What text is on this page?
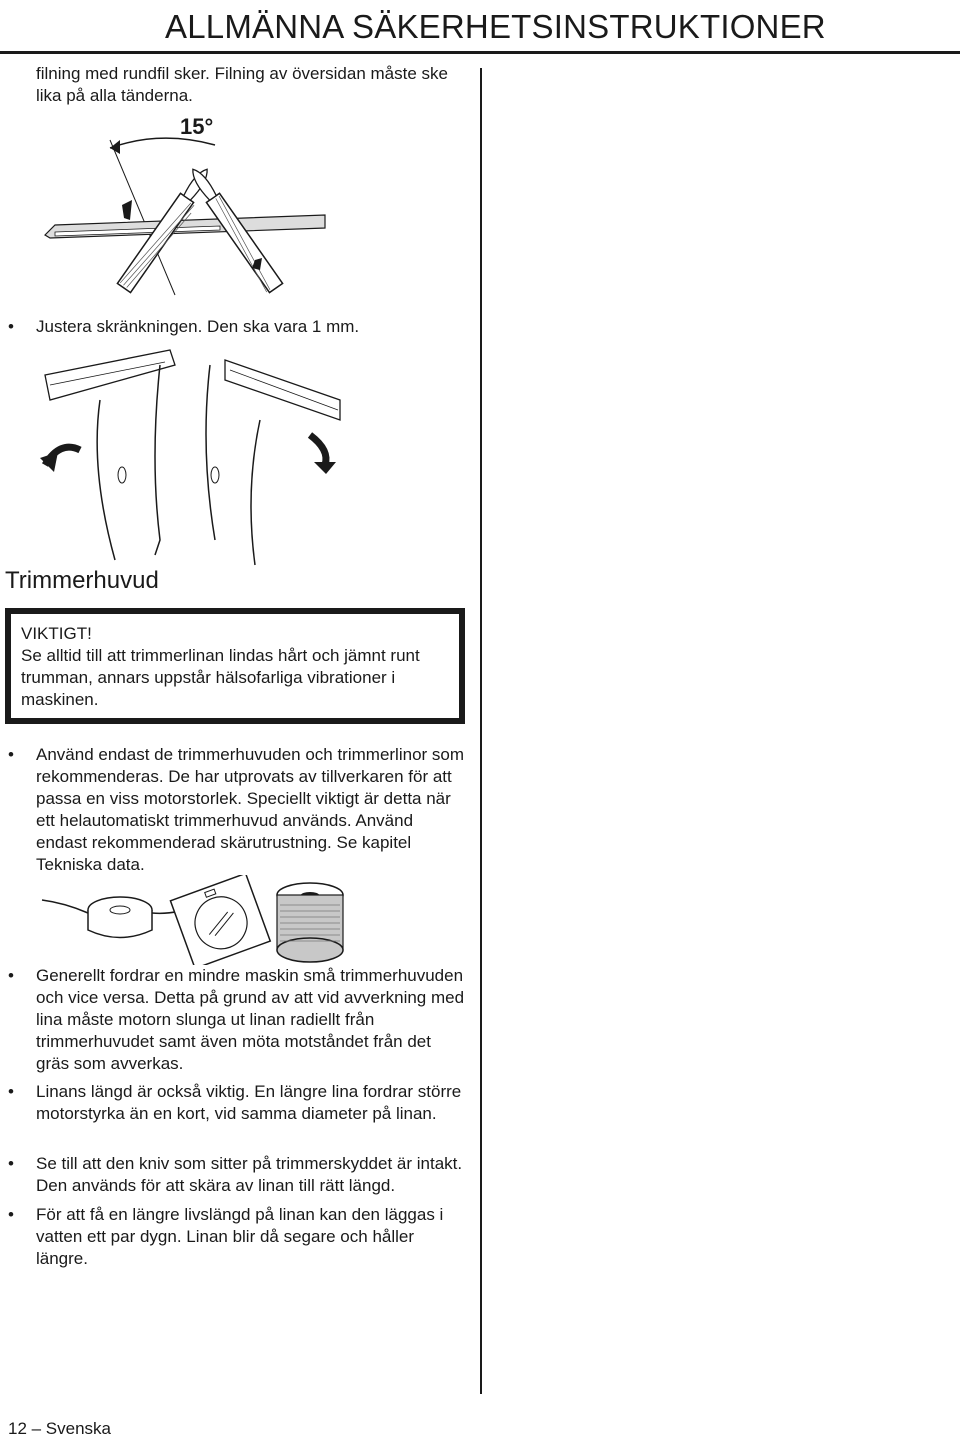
ALLMÄNNA SÄKERHETSINSTRUKTIONER
filning med rundfil sker. Filning av översidan måste ske lika på alla tänderna.
15°
• Justera skränkningen. Den ska vara 1 mm.
Trimmerhuvud
VIKTIGT!
Se alltid till att trimmerlinan lindas hårt och jämnt runt trumman, annars uppstår hälsofarliga vibrationer i maskinen.
• Använd endast de trimmerhuvuden och trimmerlinor som rekommenderas. De har utprovats av tillverkaren för att passa en viss motorstorlek. Speciellt viktigt är detta när ett helautomatiskt trimmerhuvud används. Använd endast rekommenderad skärutrustning. Se kapitel Tekniska data.
• Generellt fordrar en mindre maskin små trimmerhuvuden och vice versa. Detta på grund av att vid avverkning med lina måste motorn slunga ut linan radiellt från trimmerhuvudet samt även möta motståndet från det gräs som avverkas.
• Linans längd är också viktig. En längre lina fordrar större motorstyrka än en kort, vid samma diameter på linan.
• Se till att den kniv som sitter på trimmerskyddet är intakt. Den används för att skära av linan till rätt längd.
• För att få en längre livslängd på linan kan den läggas i vatten ett par dygn. Linan blir då segare och håller längre.
12 – Svenska
